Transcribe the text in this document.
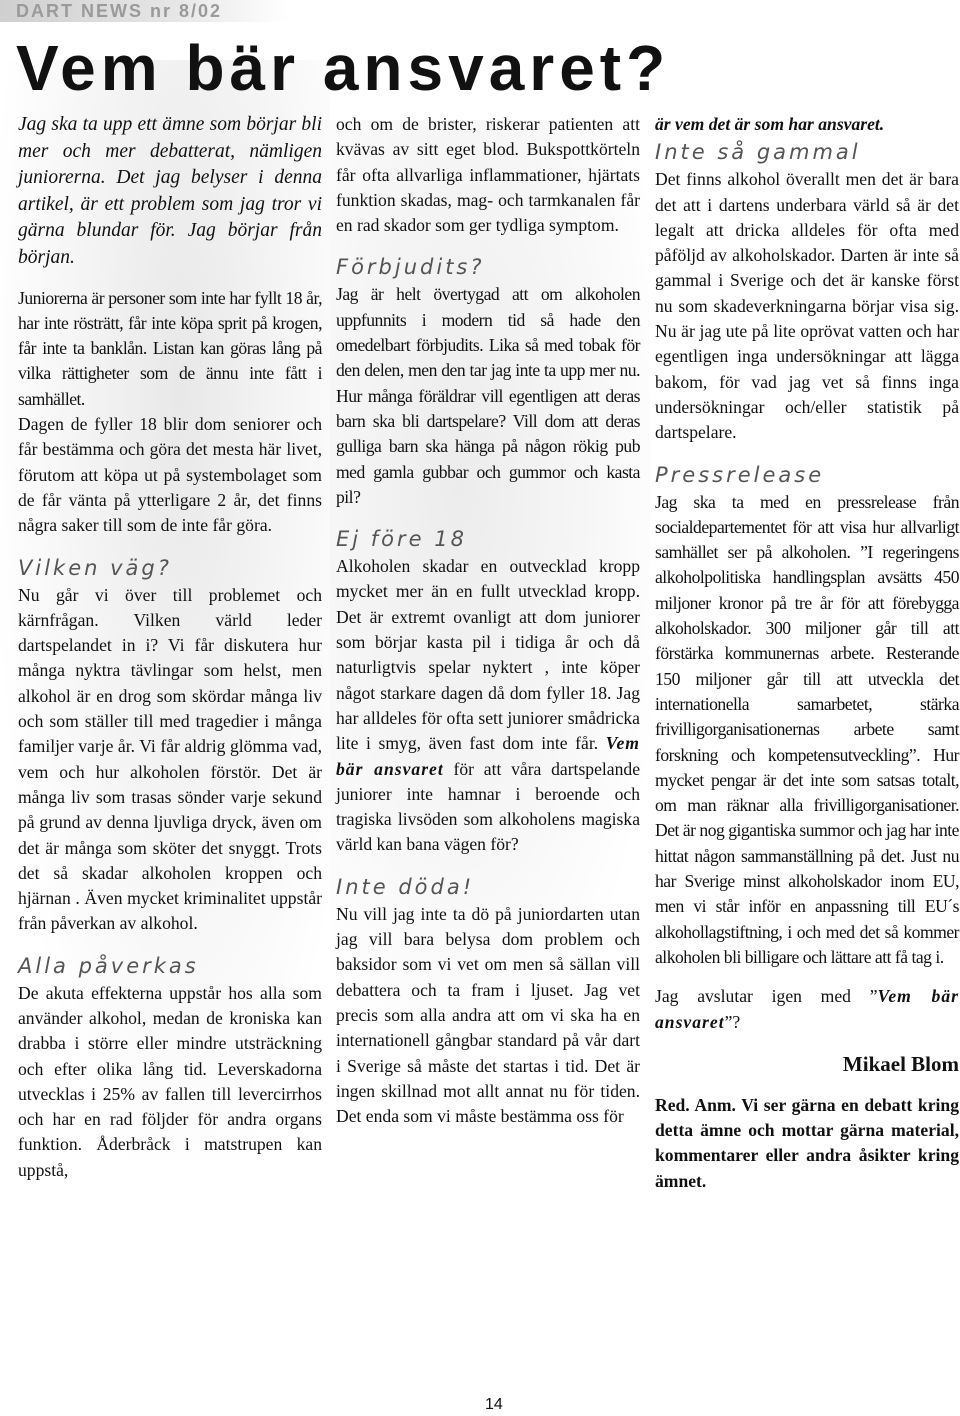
DART NEWS nr 8/02
Vem bär ansvaret?

Jag ska ta upp ett ämne som börjar bli mer och mer debatterat, nämligen juniorerna. Det jag belyser i denna artikel, är ett problem som jag tror vi gärna blundar för. Jag börjar från början.

Juniorerna är personer som inte har fyllt 18 år, har inte rösträtt, får inte köpa sprit på krogen, får inte ta banklån. Listan kan göras lång på vilka rättigheter som de ännu inte fått i samhället.

Dagen de fyller 18 blir dom seniorer och får bestämma och göra det mesta här livet, förutom att köpa ut på systembolaget som de får vänta på ytterligare 2 år, det finns några saker till som de inte får göra.

Vilken väg?

Nu går vi över till problemet och kärnfrågan. Vilken värld leder dartspelandet in i? Vi får diskutera hur många nyktra tävlingar som helst, men alkohol är en drog som skördar många liv och som ställer till med tragedier i många familjer varje år. Vi får aldrig glömma vad, vem och hur alkoholen förstör. Det är många liv som trasas sönder varje sekund på grund av denna ljuvliga dryck, även om det är många som sköter det snyggt. Trots det så skadar alkoholen kroppen och hjärnan . Även mycket kriminalitet uppstår från påverkan av alkohol.

Alla påverkas

De akuta effekterna uppstår hos alla som använder alkohol, medan de kroniska kan drabba i större eller mindre utsträckning och efter olika lång tid. Leverskadorna utvecklas i 25% av fallen till levercirrhos och har en rad följder för andra organs funktion. Åderbråck i matstrupen kan uppstå,

och om de brister, riskerar patienten att kvävas av sitt eget blod. Bukspottkörteln får ofta allvarliga inflammationer, hjärtats funktion skadas, mag- och tarmkanalen får en rad skador som ger tydliga symptom.

Förbjudits?

Jag är helt övertygad att om alkoholen uppfunnits i modern tid så hade den omedelbart förbjudits. Lika så med tobak för den delen, men den tar jag inte ta upp mer nu. Hur många föräldrar vill egentligen att deras barn ska bli dartspelare? Vill dom att deras gulliga barn ska hänga på någon rökig pub med gamla gubbar och gummor och kasta pil?

Ej före 18

Alkoholen skadar en outvecklad kropp mycket mer än en fullt utvecklad kropp. Det är extremt ovanligt att dom juniorer som börjar kasta pil i tidiga år och då naturligtvis spelar nyktert , inte köper något starkare dagen då dom fyller 18. Jag har alldeles för ofta sett juniorer smådricka lite i smyg, även fast dom inte får. Vem bär ansvaret för att våra dartspelande juniorer inte hamnar i beroende och tragiska livsöden som alkoholens magiska värld kan bana vägen för?

Inte döda!

Nu vill jag inte ta dö på juniordarten utan jag vill bara belysa dom problem och baksidor som vi vet om men så sällan vill debattera och ta fram i ljuset. Jag vet precis som alla andra att om vi ska ha en internationell gångbar standard på vår dart i Sverige så måste det startas i tid. Det är ingen skillnad mot allt annat nu för tiden. Det enda som vi måste bestämma oss för

är vem det är som har ansvaret.

Inte så gammal

Det finns alkohol överallt men det är bara det att i dartens underbara värld så är det legalt att dricka alldeles för ofta med påföljd av alkoholskador. Darten är inte så gammal i Sverige och det är kanske först nu som skadeverkningarna börjar visa sig. Nu är jag ute på lite oprövat vatten och har egentligen inga undersökningar att lägga bakom, för vad jag vet så finns inga undersökningar och/eller statistik på dartspelare.

Pressrelease

Jag ska ta med en pressrelease från socialdepartementet för att visa hur allvarligt samhället ser på alkoholen. ”I regeringens alkoholpolitiska handlingsplan avsätts 450 miljoner kronor på tre år för att förebygga alkoholskador. 300 miljoner går till att förstärka kommunernas arbete. Resterande 150 miljoner går till att utveckla det internationella samarbetet, stärka frivilligorganisationernas arbete samt forskning och kompetensutveckling”. Hur mycket pengar är det inte som satsas totalt, om man räknar alla frivilligorganisationer. Det är nog gigantiska summor och jag har inte hittat någon sammanställning på det. Just nu har Sverige minst alkoholskador inom EU, men vi står inför en anpassning till EU´s alkohollagstiftning, i och med det så kommer alkoholen bli billigare och lättare att få tag i.

Jag avslutar igen med ”Vem bär ansvaret”?

Mikael Blom

Red. Anm. Vi ser gärna en debatt kring detta ämne och mottar gärna material, kommentarer eller andra åsikter kring ämnet.

14
